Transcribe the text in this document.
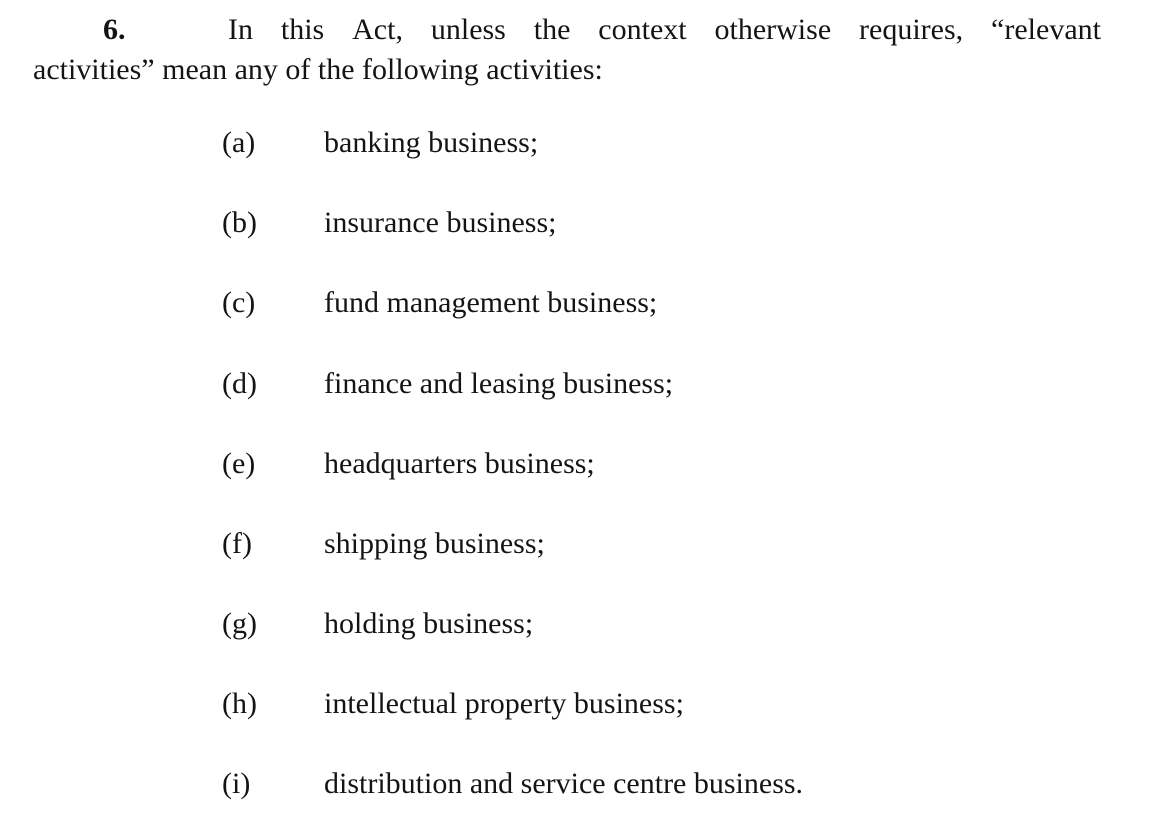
6.	In this Act, unless the context otherwise requires, “relevant
activities” mean any of the following activities:
(a) banking business;
(b) insurance business;
(c) fund management business;
(d) finance and leasing business;
(e) headquarters business;
(f) shipping business;
(g) holding business;
(h) intellectual property business;
(i) distribution and service centre business.
